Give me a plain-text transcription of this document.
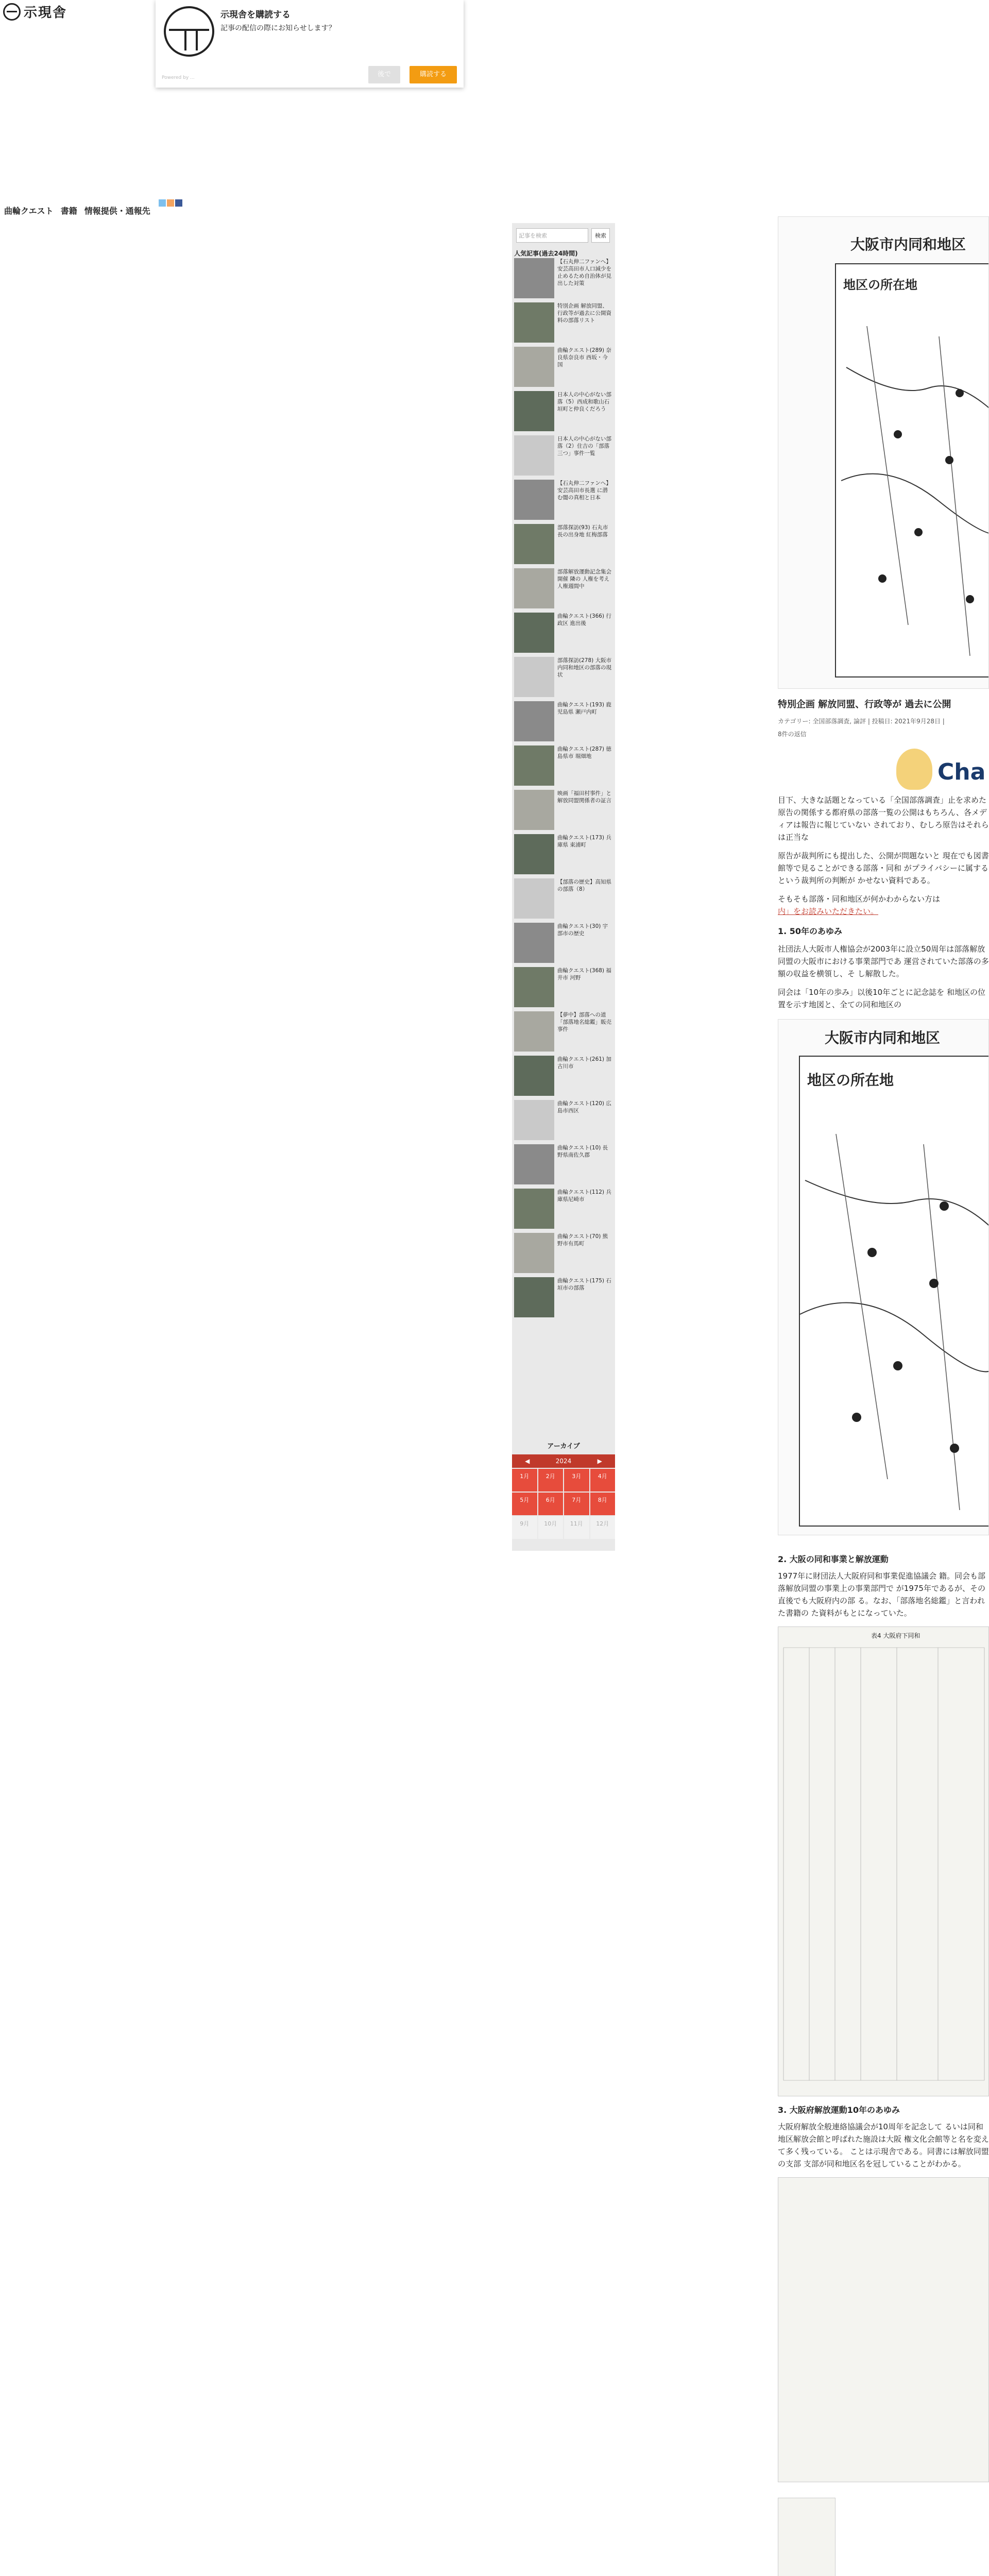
示現舎	示現舎を購読する
記事の配信の際にお知らせします？
Powered by ...	後で	購読する
曲輪クエスト 書籍 情報提供・通報先
記事を検索	検索
人気記事(過去24時間)
【石丸伸二ファンへ】安芸高田市人口減少を止めるため自治体が見出した対策
特別企画 解放同盟、行政等が過去に公開資料の部落リスト
曲輪クエスト(289) 奈良県奈良市 西坂・今国
日本人の中心がない部落（5）西成和歌山石垣町と仲良くだろう
日本人の中心がない部落（2）住吉の「部落三つ」事件一覧
【石丸伸二ファンへ】安芸高田市長選 に潜む闇の真相と日本
部落探訪(93) 石丸市長の出身地 紅梅部落
部落解放運動記念集会 開催 隣の 人権を考え人権週間中
曲輪クエスト(366) 行政区 進出後
部落探訪(278) 大阪市 内同和地区の部落の現状
曲輪クエスト(193) 鹿児島県 瀬戸内町
曲輪クエスト(287) 徳島県市 堀畑地
映画「福田村事件」と 解放同盟関係者の証言
曲輪クエスト(173) 兵庫県 東浦町
【部落の歴史】高知県の部落（8）
曲輪クエスト(30) 宇部市の歴史
曲輪クエスト(368) 福井市 河野
【夢中】部落への道 「部落地名総鑑」販売事件
曲輪クエスト(261) 加古川市
曲輪クエスト(120) 広島市西区
曲輪クエスト(10) 長野県南佐久郡
曲輪クエスト(112) 兵庫県尼崎市
曲輪クエスト(70) 熊野市有馬町
曲輪クエスト(175) 石垣市の部落
アーカイブ
◀	2024	▶
1月	2月	3月	4月
5月	6月	7月	8月
9月	10月	11月	12月
大阪市内同和地区
地区の所在地
特別企画 解放同盟、行政等が 過去に公開
カテゴリー: 全国部落調査, 論評 | 投稿日: 2021年9月28日 |
8件の返信
Cha
目下、大きな話題となっている「全国部落調査」止を求めた原告の関係する都府県の部落一覧の公開はもちろん、各メディアは報告に報じていない されており、むしろ原告はそれらは正当な
原告が裁判所にも提出した、公開が問題ないと 現在でも図書館等で見ることができる部落・同和 がプライバシーに属するという裁判所の判断が かせない資料である。
そもそも部落・同和地区が何かわからない方は
内」をお読みいただきたい。
1. 50年のあゆみ
社団法人大阪市人権協会が2003年に設立50周年は部落解放同盟の大阪市における事業部門であ 運営されていた部落の多額の収益を横領し、そ し解散した。
同会は「10年の歩み」以後10年ごとに記念誌を 和地区の位置を示す地図と、全ての同和地区の
大阪市内同和地区
地区の所在地
2. 大阪の同和事業と解放運動
1977年に財団法人大阪府同和事業促進協議会 籍。同会も部落解放同盟の事業上の事業部門で が1975年であるが、その直後でも大阪府内の部 る。なお、「部落地名総鑑」と言われた書籍の た資料がもとになっていた。
表4 大阪府下同和
3. 大阪府解放運動10年のあゆみ
大阪府解放全般連絡協議会が10周年を記念して るいは同和地区解放会館と呼ばれた施設は大阪 権文化会館等と名を変えて多く残っている。 ことは示現舎である。同書には解放同盟の支部 支部が同和地区名を冠していることがわかる。
